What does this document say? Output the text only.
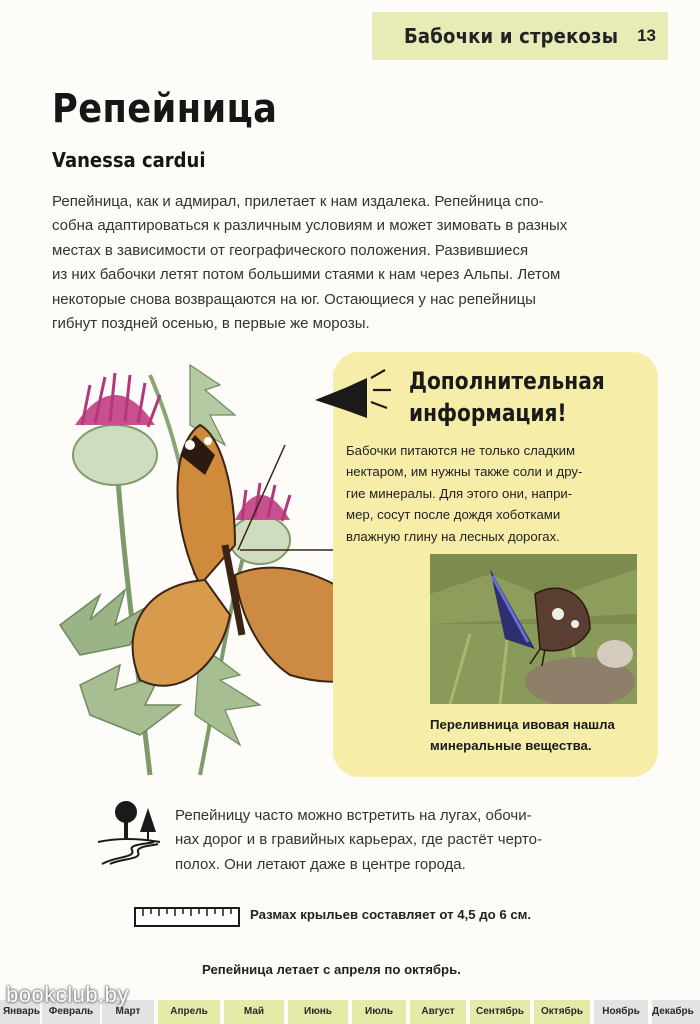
Бабочки и стрекозы 13
Репейница
Vanessa cardui

Репейница, как и адмирал, прилетает к нам издалека. Репейница спо-

собна адаптироваться к различным условиям и может зимовать в разных

местах в зависимости от географического положения. Развившиеся

из них бабочки летят потом большими стаями к нам через Альпы. Летом

некоторые снова возвращаются на юг. Остающиеся у нас репейницы

гибнут поздней осенью, в первые же морозы.

Дополнительная
информация!
Бабочки питаются не только сладким
нектаром, им нужны также соли и дру-
гие минералы. Для этого они, напри-
мер, сосут после дождя хоботками
влажную глину на лесных дорогах.
Переливница ивовая нашла
минеральные вещества.
Репейницу часто можно встретить на лугах, обочи-
нах дорог и в гравийных карьерах, где растёт черто-
полох. Они летают даже в центре города.
Размах крыльев составляет от 4,5 до 6 см.
Репейница летает с апреля по октябрь.
Январь Февраль	Март	Апрель	Май	Июнь	Июль	Август	Сентябрь	Октябрь	Ноябрь	Декабрь
bookclub.by
